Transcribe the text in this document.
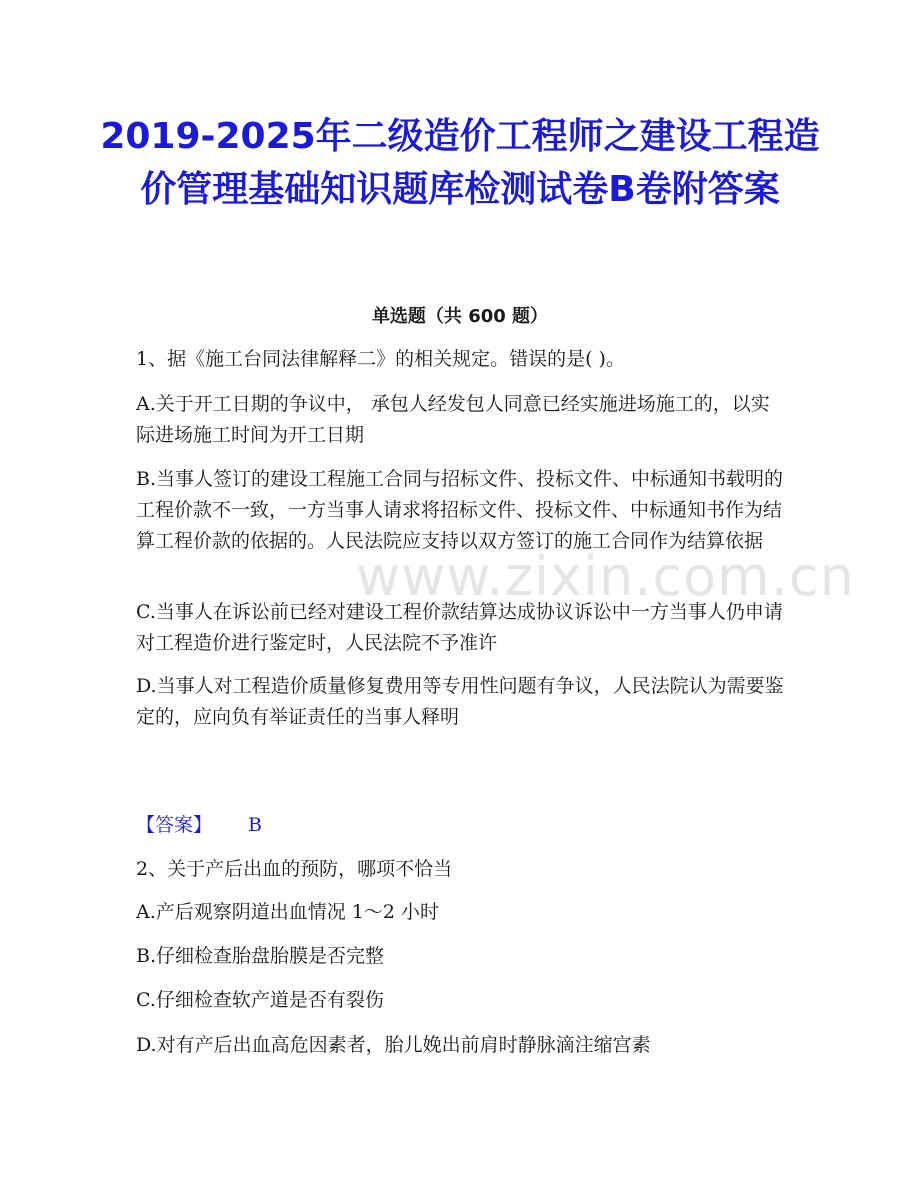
2019-2025年二级造价工程师之建设工程造价管理基础知识题库检测试卷B卷附答案
单选题（共 600 题）
1、据《施工台同法律解释二》的相关规定。错误的是( )。
A.关于开工日期的争议中， 承包人经发包人同意已经实施进场施工的，以实际进场施工时间为开工日期
B.当事人签订的建设工程施工合同与招标文件、投标文件、中标通知书载明的工程价款不一致，一方当事人请求将招标文件、投标文件、中标通知书作为结算工程价款的依据的。人民法院应支持以双方签订的施工合同作为结算依据
C.当事人在诉讼前已经对建设工程价款结算达成协议诉讼中一方当事人仍申请对工程造价进行鉴定时，人民法院不予准许
D.当事人对工程造价质量修复费用等专用性问题有争议，人民法院认为需要鉴定的，应向负有举证责任的当事人释明
【答案】 B
2、关于产后出血的预防，哪项不恰当
A.产后观察阴道出血情况 1～2 小时
B.仔细检查胎盘胎膜是否完整
C.仔细检查软产道是否有裂伤
D.对有产后出血高危因素者，胎儿娩出前肩时静脉滴注缩宫素
www.zixin.com.cn
